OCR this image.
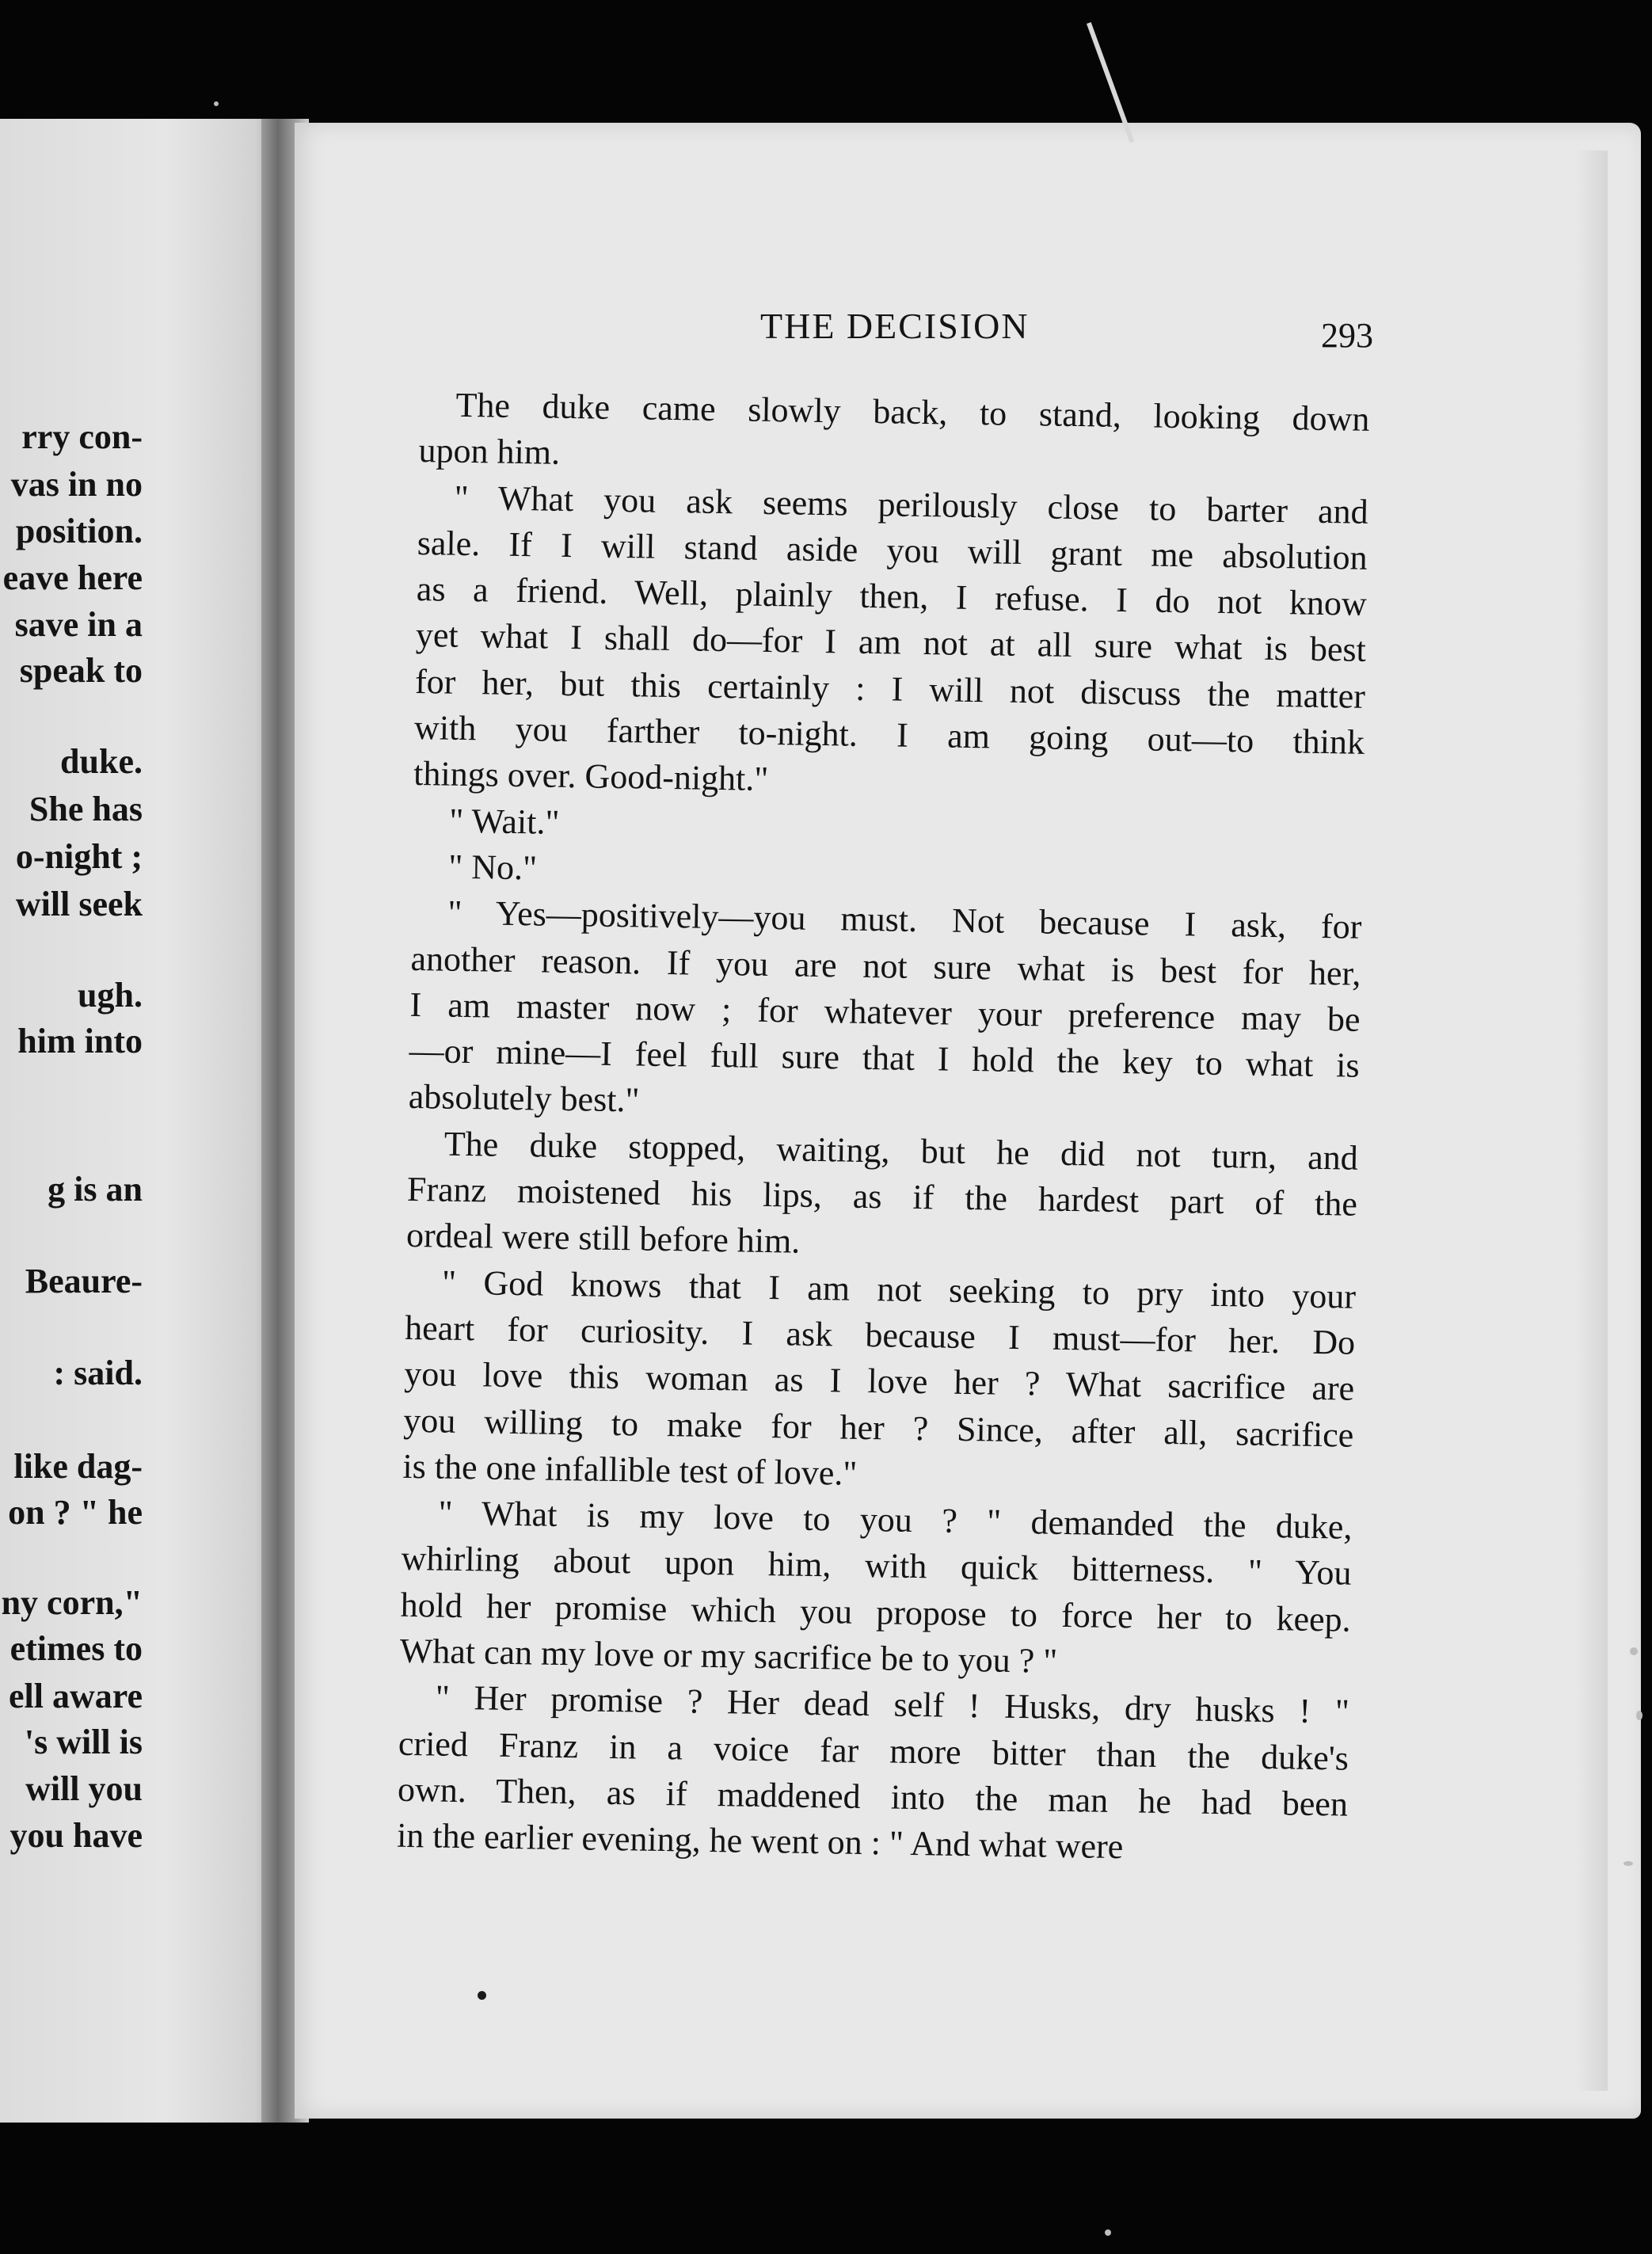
rry con-
vas in no
position.
eave here
save in a
speak to
duke.
She has
o-night ;
will seek
ugh.
him into
g is an
Beaure-
: said.
like dag-
on ? " he
ny corn,"
etimes to
ell aware
's will is
will you
you have
THE DECISION	293
The duke came slowly back, to stand, looking down
upon him.
" What you ask seems perilously close to barter and
sale. If I will stand aside you will grant me absolution
as a friend. Well, plainly then, I refuse. I do not know
yet what I shall do—for I am not at all sure what is best
for her, but this certainly : I will not discuss the matter
with you farther to-night. I am going out—to think
things over. Good-night."
" Wait."
" No."
" Yes—positively—you must. Not because I ask, for
another reason. If you are not sure what is best for her,
I am master now ; for whatever your preference may be
—or mine—I feel full sure that I hold the key to what is
absolutely best."
The duke stopped, waiting, but he did not turn, and
Franz moistened his lips, as if the hardest part of the
ordeal were still before him.
" God knows that I am not seeking to pry into your
heart for curiosity. I ask because I must—for her. Do
you love this woman as I love her ? What sacrifice are
you willing to make for her ? Since, after all, sacrifice
is the one infallible test of love."
" What is my love to you ? " demanded the duke,
whirling about upon him, with quick bitterness. " You
hold her promise which you propose to force her to keep.
What can my love or my sacrifice be to you ? "
" Her promise ? Her dead self ! Husks, dry husks ! "
cried Franz in a voice far more bitter than the duke's
own. Then, as if maddened into the man he had been
in the earlier evening, he went on : " And what were
